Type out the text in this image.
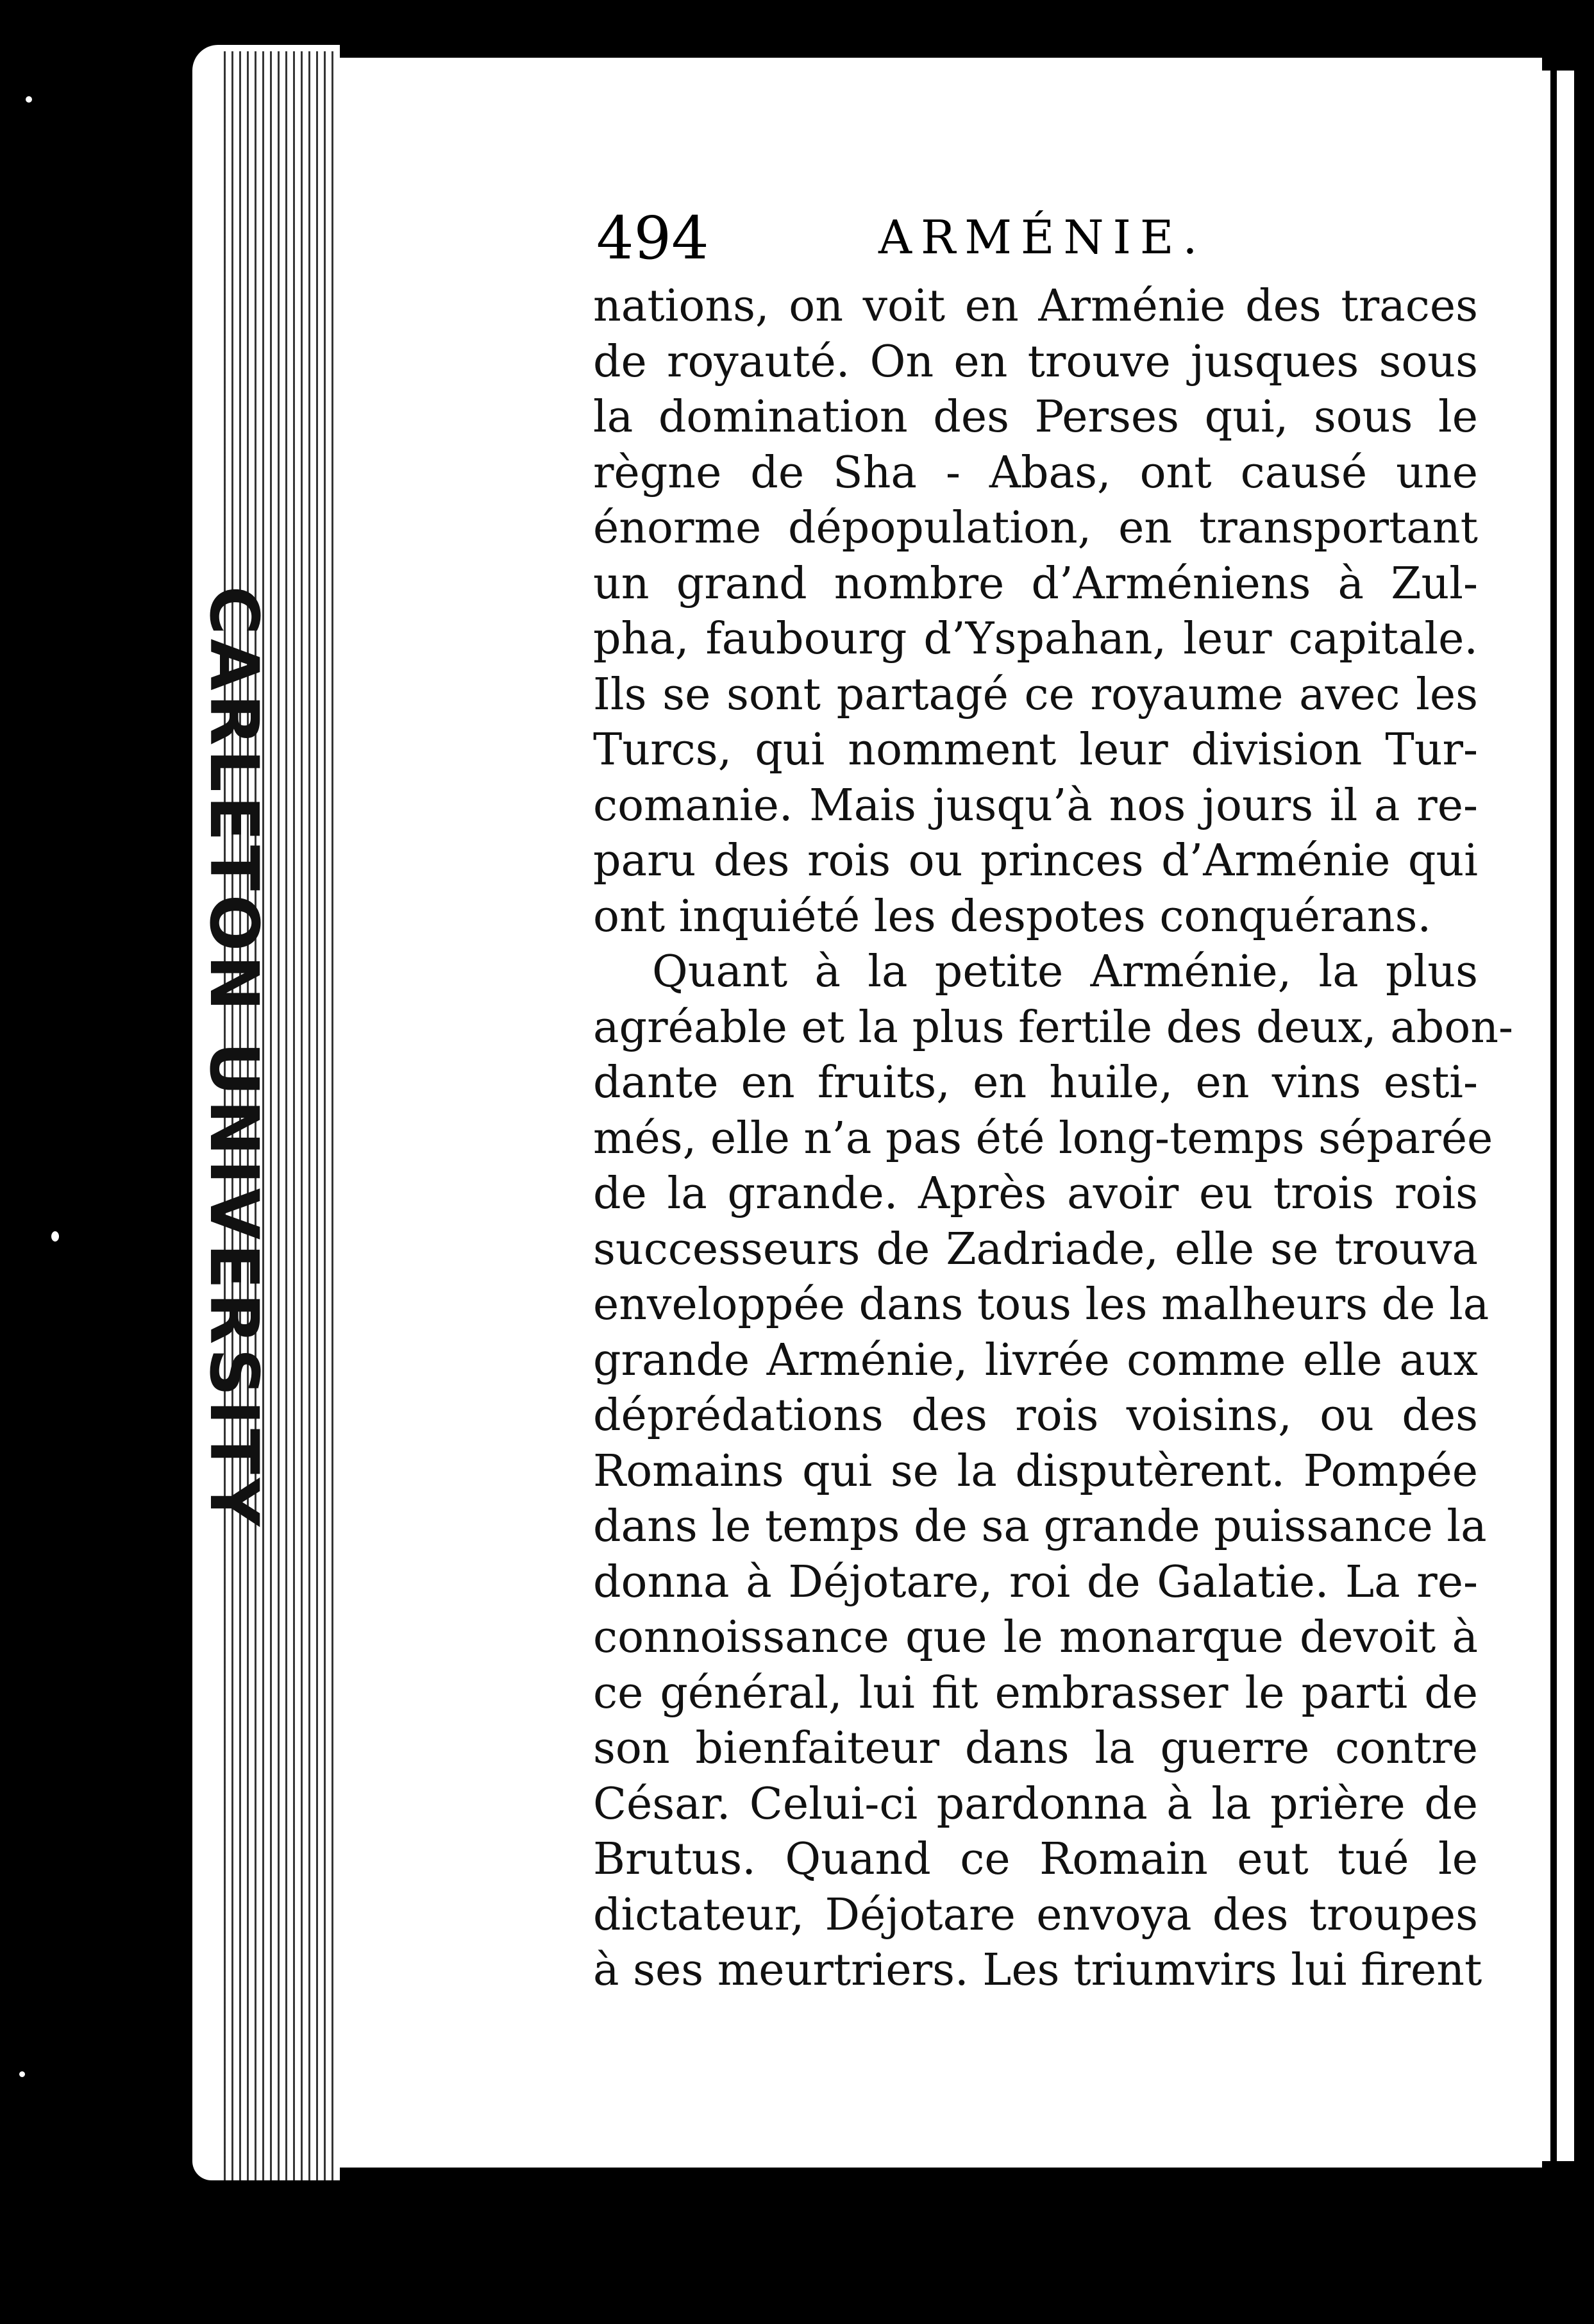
CARLETON UNIVERSITY
494	ARMÉNIE.
nations, on voit en Arménie des traces
de royauté. On en trouve jusques sous
la domination des Perses qui, sous le
règne de Sha - Abas, ont causé une
énorme dépopulation, en transportant
un grand nombre d’Arméniens à Zul-
pha, faubourg d’Yspahan, leur capitale.
Ils se sont partagé ce royaume avec les
Turcs, qui nomment leur division Tur-
comanie. Mais jusqu’à nos jours il a re-
paru des rois ou princes d’Arménie qui
ont inquiété les despotes conquérans.
Quant à la petite Arménie, la plus
agréable et la plus fertile des deux, abon-
dante en fruits, en huile, en vins esti-
més, elle n’a pas été long-temps séparée
de la grande. Après avoir eu trois rois
successeurs de Zadriade, elle se trouva
enveloppée dans tous les malheurs de la
grande Arménie, livrée comme elle aux
déprédations des rois voisins, ou des
Romains qui se la disputèrent. Pompée
dans le temps de sa grande puissance la
donna à Déjotare, roi de Galatie. La re-
connoissance que le monarque devoit à
ce général, lui fit embrasser le parti de
son bienfaiteur dans la guerre contre
César. Celui-ci pardonna à la prière de
Brutus. Quand ce Romain eut tué le
dictateur, Déjotare envoya des troupes
à ses meurtriers. Les triumvirs lui firent
